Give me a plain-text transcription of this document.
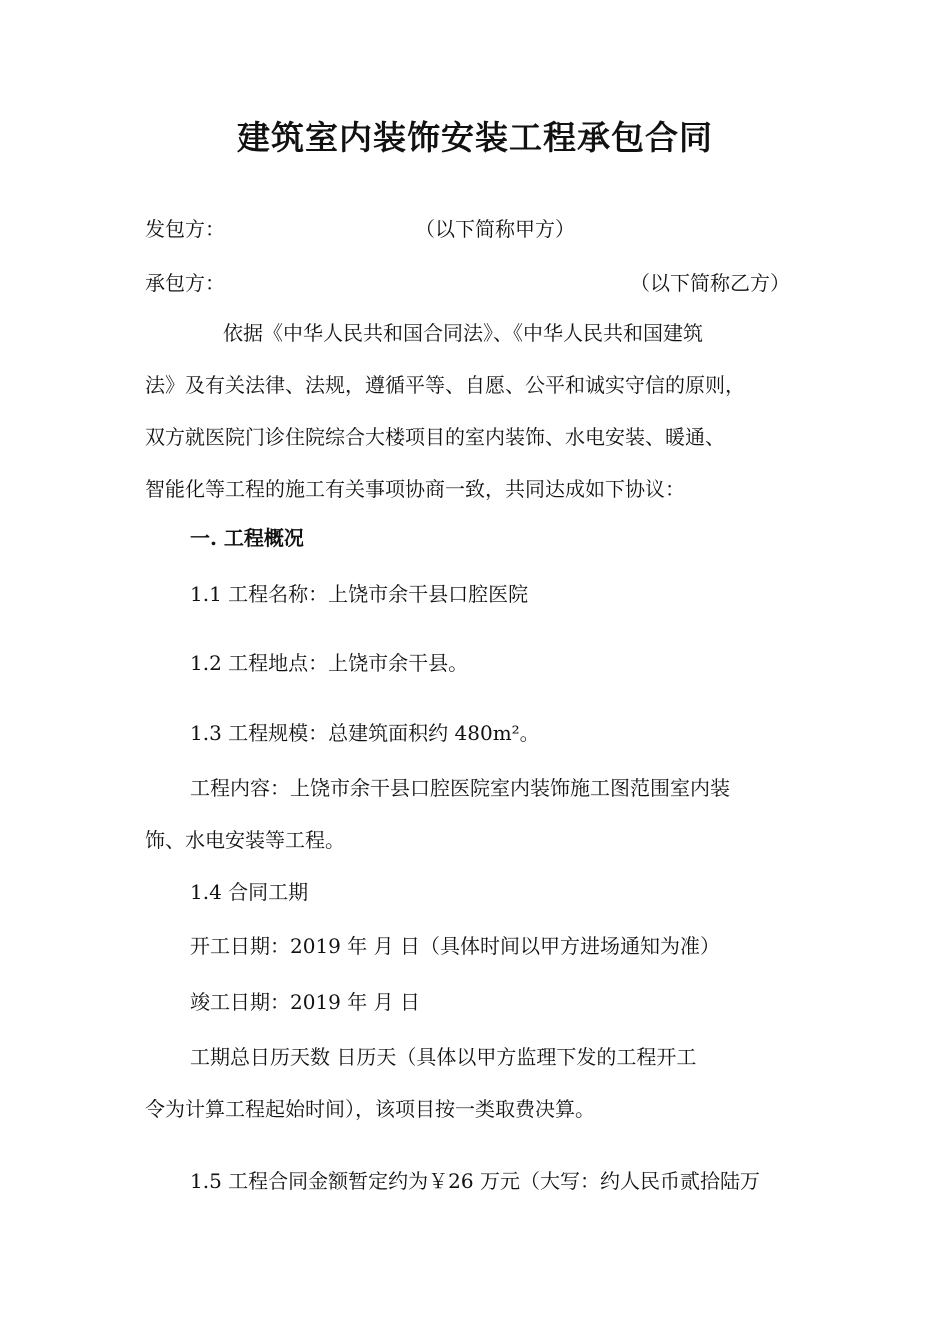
建筑室内装饰安装工程承包合同
发包方：	（以下简称甲方）
承包方：	（以下简称乙方）
依据《中华人民共和国合同法》、《中华人民共和国建筑
法》及有关法律、法规，遵循平等、自愿、公平和诚实守信的原则，
双方就医院门诊住院综合大楼项目的室内装饰、水电安装、暖通、
智能化等工程的施工有关事项协商一致，共同达成如下协议：
一. 工程概况
1.1 工程名称：上饶市余干县口腔医院
1.2 工程地点：上饶市余干县。
1.3 工程规模：总建筑面积约 480m²。
工程内容：上饶市余干县口腔医院室内装饰施工图范围室内装
饰、水电安装等工程。
1.4 合同工期
开工日期：2019 年 月 日（具体时间以甲方进场通知为准）
竣工日期：2019 年 月 日
工期总日历天数 日历天（具体以甲方监理下发的工程开工
令为计算工程起始时间），该项目按一类取费决算。
1.5 工程合同金额暂定约为￥26 万元（大写：约人民币贰拾陆万
